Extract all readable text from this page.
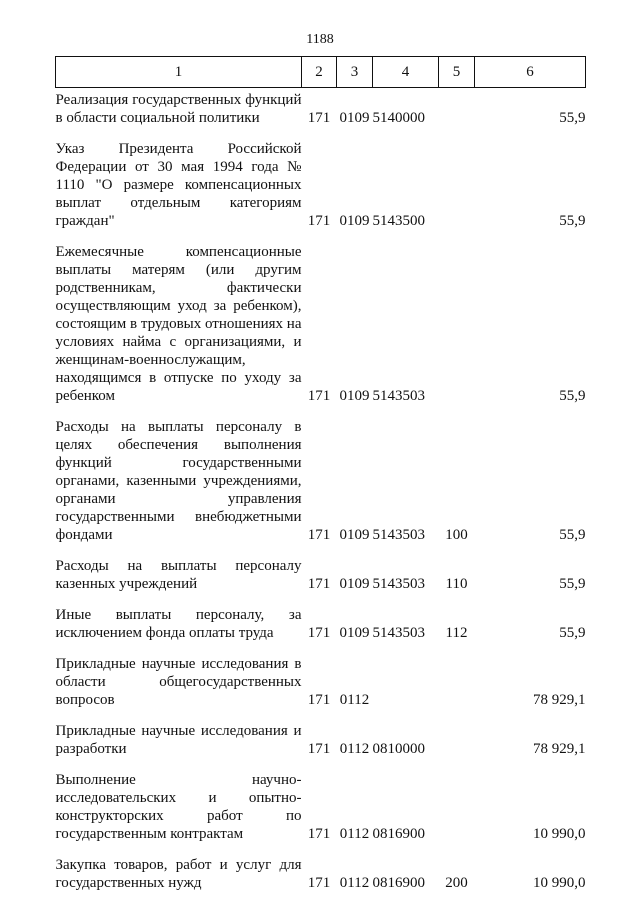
1188
1	2	3	4	5	6
Реализация государственных функций в области социальной политики	171	0109	5140000		55,9
Указ Президента Российской Федерации от 30 мая 1994 года № 1110 "О размере компенсационных выплат отдельным категориям граждан"	171	0109	5143500		55,9
Ежемесячные компенсационные выплаты матерям (или другим родственникам, фактически осуществляющим уход за ребенком), состоящим в трудовых отношениях на условиях найма с организациями, и женщинам-военнослужащим, находящимся в отпуске по уходу за ребенком	171	0109	5143503		55,9
Расходы на выплаты персоналу в целях обеспечения выполнения функций государственными органами, казенными учреждениями, органами управления государственными внебюджетными фондами	171	0109	5143503	100	55,9
Расходы на выплаты персоналу казенных учреждений	171	0109	5143503	110	55,9
Иные выплаты персоналу, за исключением фонда оплаты труда	171	0109	5143503	112	55,9
Прикладные научные исследования в области общегосударственных вопросов	171	0112			78 929,1
Прикладные научные исследования и разработки	171	0112	0810000		78 929,1
Выполнение научно-исследовательских и опытно-конструкторских работ по государственным контрактам	171	0112	0816900		10 990,0
Закупка товаров, работ и услуг для государственных нужд	171	0112	0816900	200	10 990,0
